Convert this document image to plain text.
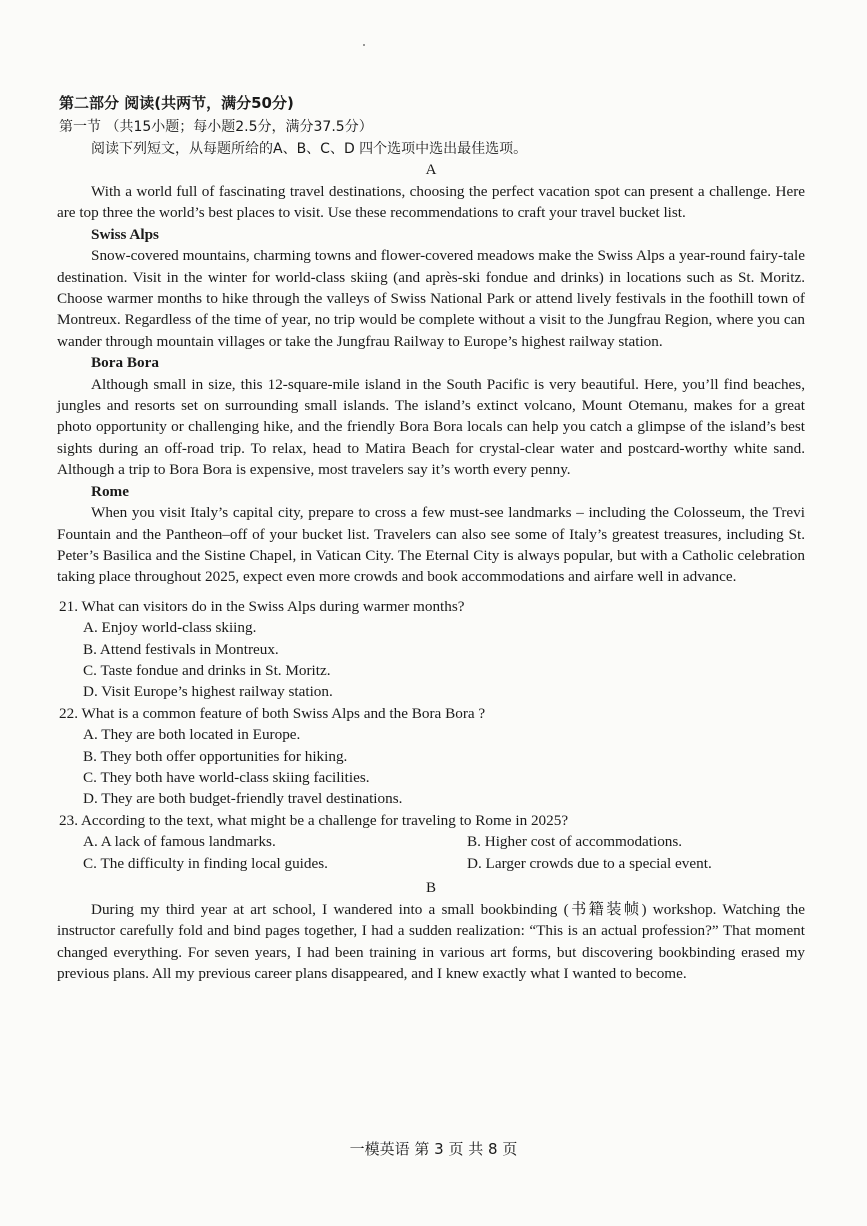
第二部分 阅读(共两节，满分50分)
第一节 （共15小题；每小题2.5分，满分37.5分）
阅读下列短文，从每题所给的A、B、C、D 四个选项中选出最佳选项。
A

With a world full of fascinating travel destinations, choosing the perfect vacation spot can present a challenge. Here are top three the world’s best places to visit. Use these recommendations to craft your travel bucket list.

Swiss Alps

Snow-covered mountains, charming towns and flower-covered meadows make the Swiss Alps a year-round fairy-tale destination. Visit in the winter for world-class skiing (and après-ski fondue and drinks) in locations such as St. Moritz. Choose warmer months to hike through the valleys of Swiss National Park or attend lively festivals in the foothill town of Montreux. Regardless of the time of year, no trip would be complete without a visit to the Jungfrau Region, where you can wander through mountain villages or take the Jungfrau Railway to Europe’s highest railway station.

Bora Bora

Although small in size, this 12-square-mile island in the South Pacific is very beautiful. Here, you’ll find beaches, jungles and resorts set on surrounding small islands. The island’s extinct volcano, Mount Otemanu, makes for a great photo opportunity or challenging hike, and the friendly Bora Bora locals can help you catch a glimpse of the island’s best sights during an off-road trip. To relax, head to Matira Beach for crystal-clear water and postcard-worthy white sand. Although a trip to Bora Bora is expensive, most travelers say it’s worth every penny.

Rome

When you visit Italy’s capital city, prepare to cross a few must-see landmarks – including the Colosseum, the Trevi Fountain and the Pantheon–off of your bucket list. Travelers can also see some of Italy’s greatest treasures, including St. Peter’s Basilica and the Sistine Chapel, in Vatican City. The Eternal City is always popular, but with a Catholic celebration taking place throughout 2025, expect even more crowds and book accommodations and airfare well in advance.

21. What can visitors do in the Swiss Alps during warmer months?
A. Enjoy world-class skiing.
B. Attend festivals in Montreux.
C. Taste fondue and drinks in St. Moritz.
D. Visit Europe’s highest railway station.
22. What is a common feature of both Swiss Alps and the Bora Bora ?
A. They are both located in Europe.
B. They both offer opportunities for hiking.
C. They both have world-class skiing facilities.
D. They are both budget-friendly travel destinations.
23. According to the text, what might be a challenge for traveling to Rome in 2025?
A. A lack of famous landmarks.	B. Higher cost of accommodations.
C. The difficulty in finding local guides.	D. Larger crowds due to a special event.
B

During my third year at art school, I wandered into a small bookbinding (书籍装帧) workshop. Watching the instructor carefully fold and bind pages together, I had a sudden realization: “This is an actual profession?” That moment changed everything. For seven years, I had been training in various art forms, but discovering bookbinding erased my previous plans. All my previous career plans disappeared, and I knew exactly what I wanted to become.

一模英语 第 3 页 共 8 页
